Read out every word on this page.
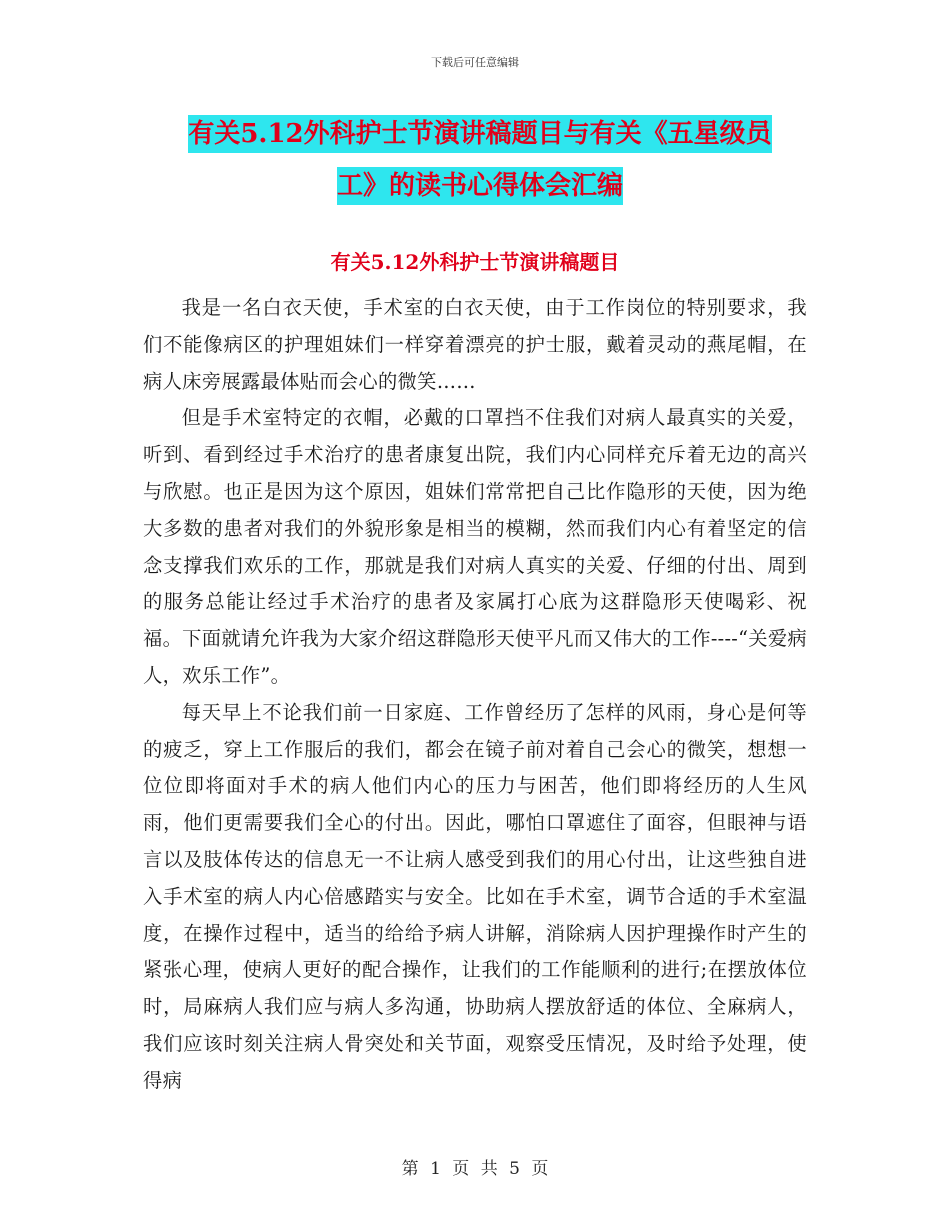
下载后可任意编辑
有关5.12外科护士节演讲稿题目与有关《五星级员
工》的读书心得体会汇编
有关5.12外科护士节演讲稿题目

我是一名白衣天使，手术室的白衣天使，由于工作岗位的特别要求，我们不能像病区的护理姐妹们一样穿着漂亮的护士服，戴着灵动的燕尾帽，在病人床旁展露最体贴而会心的微笑……

但是手术室特定的衣帽，必戴的口罩挡不住我们对病人最真实的关爱，听到、看到经过手术治疗的患者康复出院，我们内心同样充斥着无边的高兴与欣慰。也正是因为这个原因，姐妹们常常把自己比作隐形的天使，因为绝大多数的患者对我们的外貌形象是相当的模糊，然而我们内心有着坚定的信念支撑我们欢乐的工作，那就是我们对病人真实的关爱、仔细的付出、周到的服务总能让经过手术治疗的患者及家属打心底为这群隐形天使喝彩、祝福。下面就请允许我为大家介绍这群隐形天使平凡而又伟大的工作----“关爱病人，欢乐工作”。

每天早上不论我们前一日家庭、工作曾经历了怎样的风雨，身心是何等的疲乏，穿上工作服后的我们，都会在镜子前对着自己会心的微笑，想想一位位即将面对手术的病人他们内心的压力与困苦，他们即将经历的人生风雨，他们更需要我们全心的付出。因此，哪怕口罩遮住了面容，但眼神与语言以及肢体传达的信息无一不让病人感受到我们的用心付出，让这些独自进入手术室的病人内心倍感踏实与安全。比如在手术室，调节合适的手术室温度，在操作过程中，适当的给给予病人讲解，消除病人因护理操作时产生的紧张心理，使病人更好的配合操作，让我们的工作能顺利的进行;在摆放体位时，局麻病人我们应与病人多沟通，协助病人摆放舒适的体位、全麻病人，我们应该时刻关注病人骨突处和关节面，观察受压情况，及时给予处理，使得病

第 1 页 共 5 页
